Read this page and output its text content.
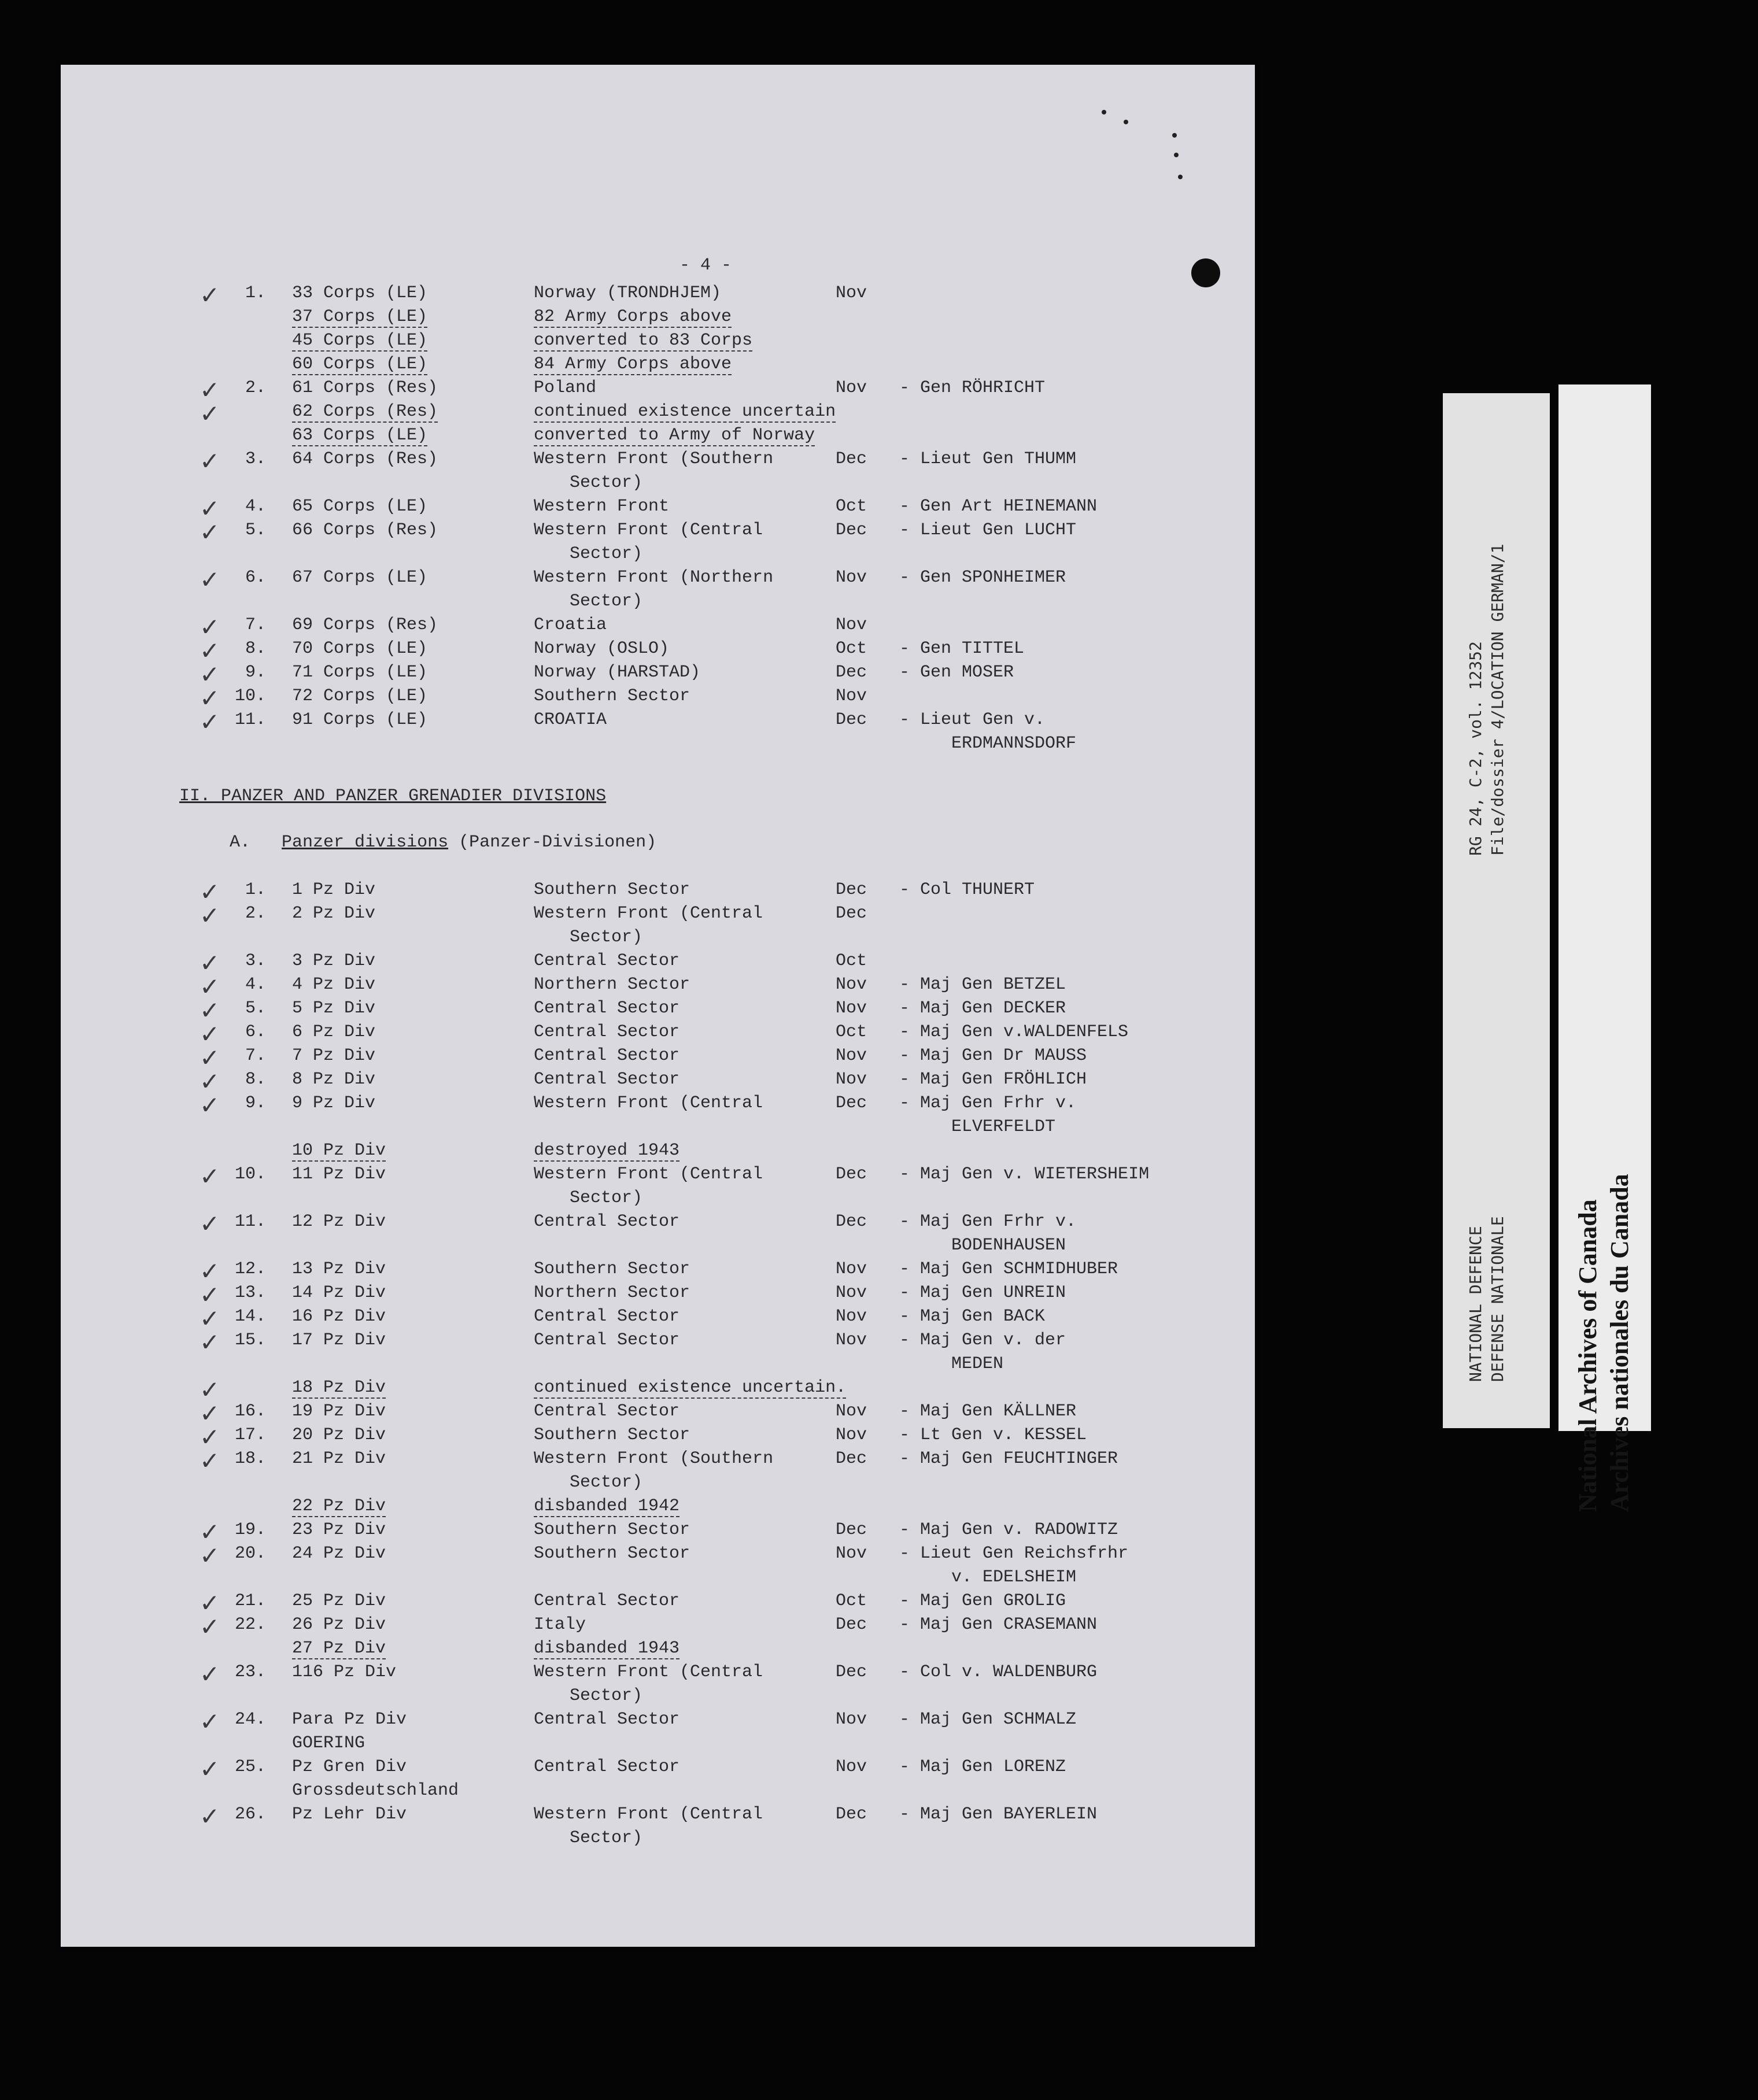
- 4 -
✓	1. 33 Corps (LE)	Norway (TRONDHJEM)	Nov
37 Corps (LE)	82 Army Corps above
45 Corps (LE)	converted to 83 Corps
60 Corps (LE)	84 Army Corps above
✓	2. 61 Corps (Res)	Poland	Nov - Gen RÖHRICHT
✓	62 Corps (Res)	continued existence uncertain
63 Corps (LE)	converted to Army of Norway
✓	3. 64 Corps (Res)	Western Front (Southern	Dec - Lieut Gen THUMM
Sector)
✓	4. 65 Corps (LE)	Western Front	Oct - Gen Art HEINEMANN
✓	5. 66 Corps (Res)	Western Front (Central	Dec - Lieut Gen LUCHT
Sector)
✓	6. 67 Corps (LE)	Western Front (Northern	Nov - Gen SPONHEIMER
Sector)
✓	7. 69 Corps (Res)	Croatia	Nov
✓	8. 70 Corps (LE)	Norway (OSLO)	Oct - Gen TITTEL
✓	9. 71 Corps (LE)	Norway (HARSTAD)	Dec - Gen MOSER
✓ 10. 72 Corps (LE)	Southern Sector	Nov
✓ 11. 91 Corps (LE)	CROATIA	Dec - Lieut Gen v.
ERDMANNSDORF
II. PANZER AND PANZER GRENADIER DIVISIONS
A. Panzer divisions (Panzer-Divisionen)
✓	1. 1 Pz Div	Southern Sector	Dec - Col THUNERT
✓	2. 2 Pz Div	Western Front (Central	Dec
Sector)
✓	3. 3 Pz Div	Central Sector	Oct
✓	4. 4 Pz Div	Northern Sector	Nov - Maj Gen BETZEL
✓	5. 5 Pz Div	Central Sector	Nov - Maj Gen DECKER
✓	6. 6 Pz Div	Central Sector	Oct - Maj Gen v.WALDENFELS
✓	7. 7 Pz Div	Central Sector	Nov - Maj Gen Dr MAUSS
✓	8. 8 Pz Div	Central Sector	Nov - Maj Gen FRÖHLICH
✓	9. 9 Pz Div	Western Front (Central	Dec - Maj Gen Frhr v.
ELVERFELDT
10 Pz Div	destroyed 1943
✓ 10. 11 Pz Div	Western Front (Central	Dec - Maj Gen v. WIETERSHEIM
Sector)
✓ 11. 12 Pz Div	Central Sector	Dec - Maj Gen Frhr v.
BODENHAUSEN
✓ 12. 13 Pz Div	Southern Sector	Nov - Maj Gen SCHMIDHUBER
✓ 13. 14 Pz Div	Northern Sector	Nov - Maj Gen UNREIN
✓ 14. 16 Pz Div	Central Sector	Nov - Maj Gen BACK
✓ 15. 17 Pz Div	Central Sector	Nov - Maj Gen v. der
MEDEN
✓	18 Pz Div	continued existence uncertain.
✓ 16. 19 Pz Div	Central Sector	Nov - Maj Gen KÄLLNER
✓ 17. 20 Pz Div	Southern Sector	Nov - Lt Gen v. KESSEL
✓ 18. 21 Pz Div	Western Front (Southern	Dec - Maj Gen FEUCHTINGER
Sector)
22 Pz Div	disbanded 1942
✓ 19. 23 Pz Div	Southern Sector	Dec - Maj Gen v. RADOWITZ
✓ 20. 24 Pz Div	Southern Sector	Nov - Lieut Gen Reichsfrhr
v. EDELSHEIM
✓ 21. 25 Pz Div	Central Sector	Oct - Maj Gen GROLIG
✓ 22. 26 Pz Div	Italy	Dec - Maj Gen CRASEMANN
27 Pz Div	disbanded 1943
✓ 23. 116 Pz Div	Western Front (Central	Dec - Col v. WALDENBURG
Sector)
✓ 24. Para Pz Div	Central Sector	Nov - Maj Gen SCHMALZ
GOERING
✓ 25. Pz Gren Div	Central Sector	Nov - Maj Gen LORENZ
Grossdeutschland
✓ 26. Pz Lehr Div	Western Front (Central	Dec - Maj Gen BAYERLEIN
Sector)
RG 24, C-2, vol. 12352 File/dossier 4/LOCATION GERMAN/1
NATIONAL DEFENCE DEFENSE NATIONALE	National Archives of Canada Archives nationales du Canada
